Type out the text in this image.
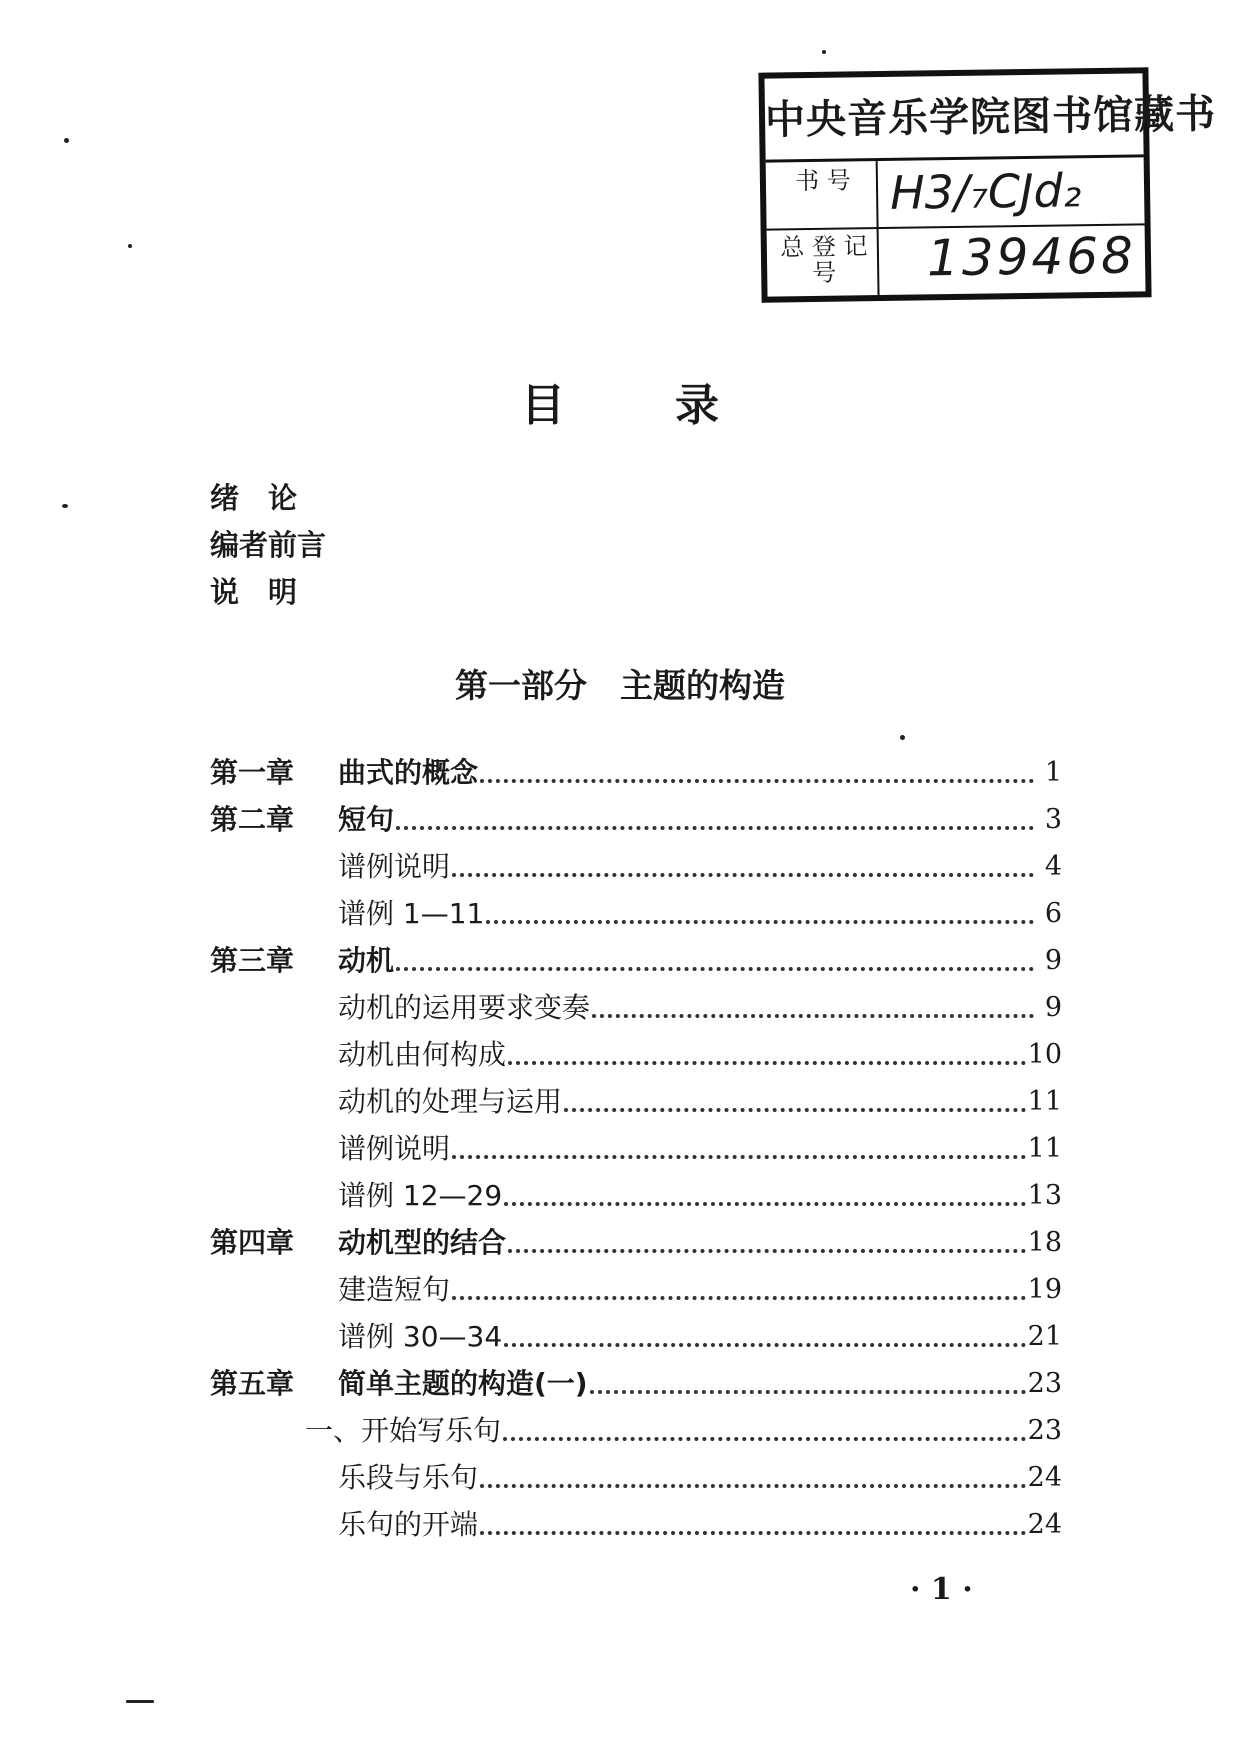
中央音乐学院图书馆藏书
书 号 H3/₇CJd₂
总 登 记 号	139468
目	录
绪　论
编者前言
说　明
第一部分　主题的构造
第一章	曲式的概念	1
第二章	短句	3
谱例说明	4
谱例 1—11	6
第三章	动机	9
动机的运用要求变奏	9
动机由何构成	10
动机的处理与运用	11
谱例说明	11
谱例 12—29	13
第四章	动机型的结合	18
建造短句	19
谱例 30—34	21
第五章	简单主题的构造(一)	23
一、开始写乐句	23
乐段与乐句	24
乐句的开端	24
· 1 ·
